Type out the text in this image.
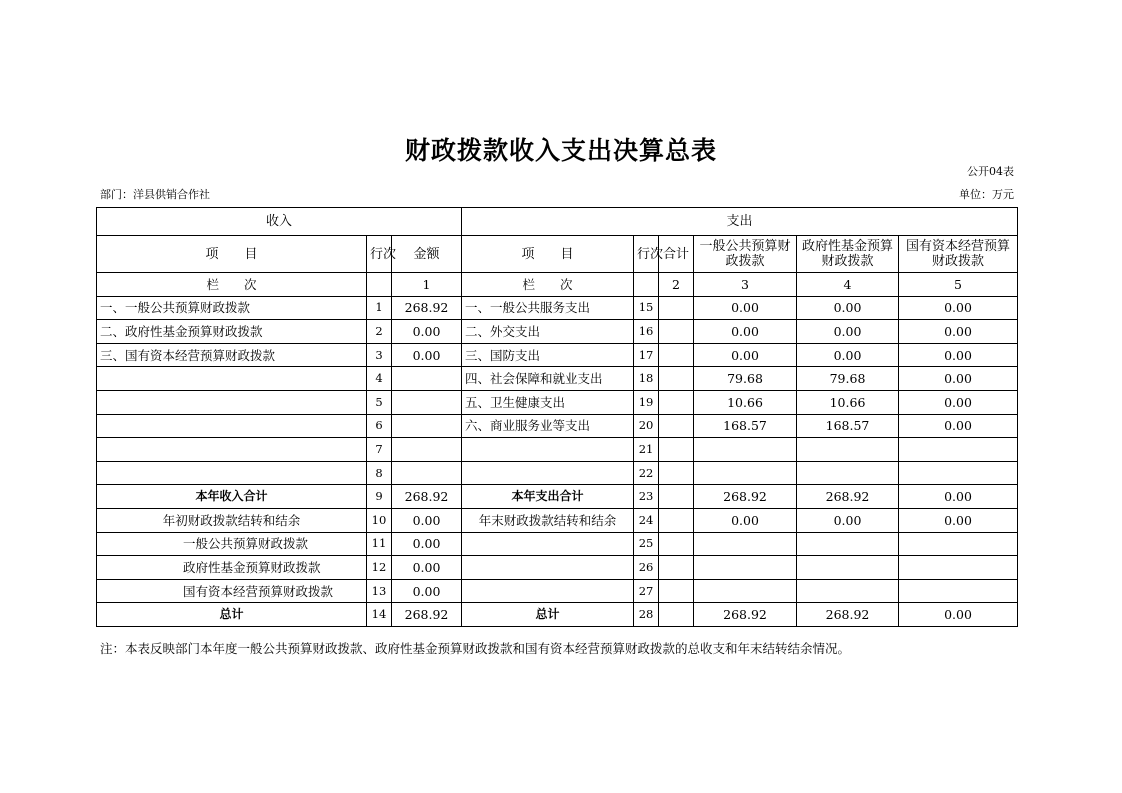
财政拨款收入支出决算总表
公开04表
部门：洋县供销合作社	单位：万元
收入			支出					
项　　目	行次	金额	项　　目	行次	合计	一般公共预算财政拨款	政府性基金预算财政拨款	国有资本经营预算财政拨款
栏　　次		1	栏　　次		2	3	4	5
一、一般公共预算财政拨款	1	268.92	一、一般公共服务支出	15		0.00	0.00	0.00
二、政府性基金预算财政拨款	2	0.00	二、外交支出	16		0.00	0.00	0.00
三、国有资本经营预算财政拨款	3	0.00	三、国防支出	17		0.00	0.00	0.00
	4		四、社会保障和就业支出	18		79.68	79.68	0.00
	5		五、卫生健康支出	19		10.66	10.66	0.00
	6		六、商业服务业等支出	20		168.57	168.57	0.00
	7			21				
	8			22				
本年收入合计	9	268.92	本年支出合计	23		268.92	268.92	0.00
年初财政拨款结转和结余	10	0.00	年末财政拨款结转和结余	24		0.00	0.00	0.00
一般公共预算财政拨款	11	0.00		25				
政府性基金预算财政拨款	12	0.00		26				
国有资本经营预算财政拨款	13	0.00		27				
总计	14	268.92	总计	28		268.92	268.92	0.00
注：本表反映部门本年度一般公共预算财政拨款、政府性基金预算财政拨款和国有资本经营预算财政拨款的总收支和年末结转结余情况。
